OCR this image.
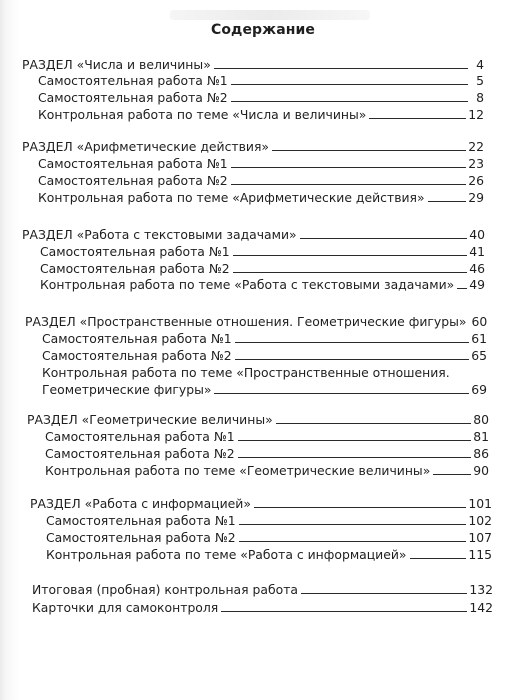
Содержание
РАЗДЕЛ «Числа и величины»	4
Самостоятельная работа №1	5
Самостоятельная работа №2	8
Контрольная работа по теме «Числа и величины»	12
РАЗДЕЛ «Арифметические действия»	22
Самостоятельная работа №1	23
Самостоятельная работа №2	26
Контрольная работа по теме «Арифметические действия»	29
РАЗДЕЛ «Работа с текстовыми задачами»	40
Самостоятельная работа №1	41
Самостоятельная работа №2	46
Контрольная работа по теме «Работа с текстовыми задачами» 49
РАЗДЕЛ «Пространственные отношения. Геометрические фигуры» 60
Самостоятельная работа №1	61
Самостоятельная работа №2	65
Контрольная работа по теме «Пространственные отношения.
Геометрические фигуры»	69
РАЗДЕЛ «Геометрические величины»	80
Самостоятельная работа №1	81
Самостоятельная работа №2	86
Контрольная работа по теме «Геометрические величины»	90
РАЗДЕЛ «Работа с информацией»	101
Самостоятельная работа №1	102
Самостоятельная работа №2	107
Контрольная работа по теме «Работа с информацией»	115
Итоговая (пробная) контрольная работа	132
Карточки для самоконтроля	142
